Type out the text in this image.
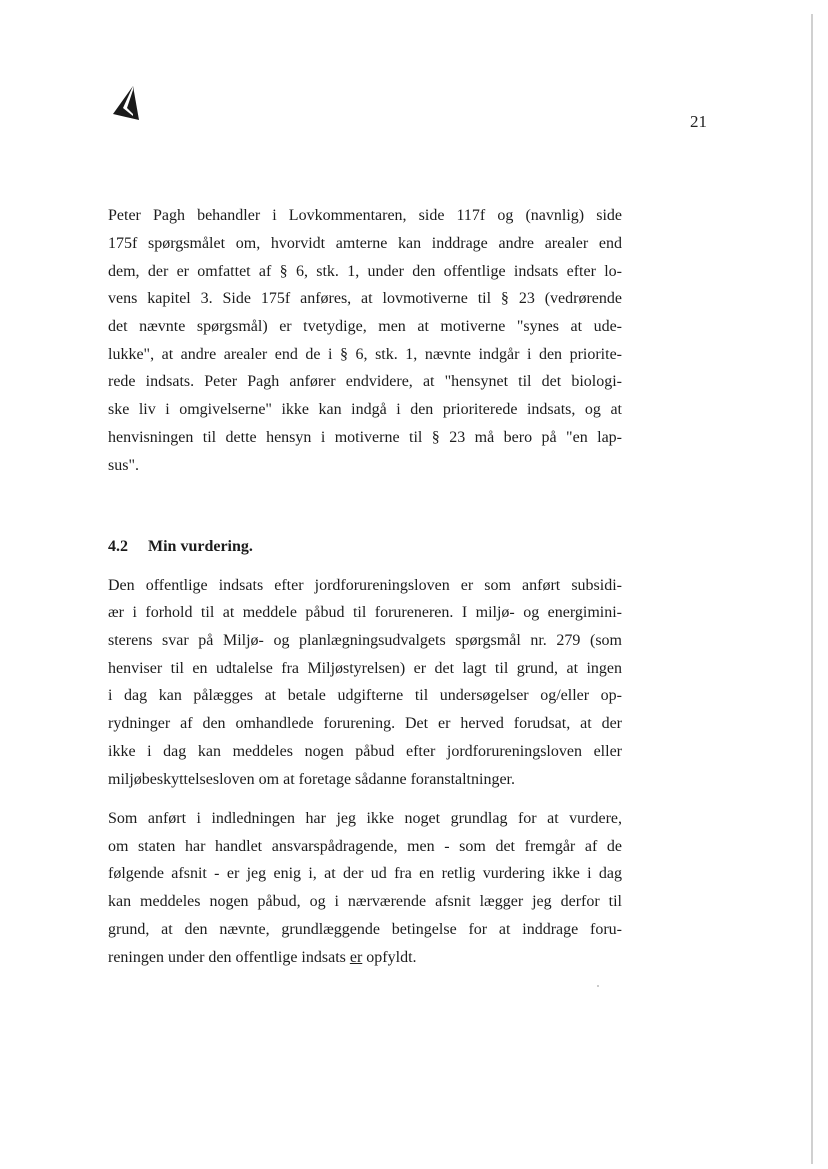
21
Peter Pagh behandler i Lovkommentaren, side 117f og (navnlig) side
175f spørgsmålet om, hvorvidt amterne kan inddrage andre arealer end
dem, der er omfattet af § 6, stk. 1, under den offentlige indsats efter lo-
vens kapitel 3. Side 175f anføres, at lovmotiverne til § 23 (vedrørende
det nævnte spørgsmål) er tvetydige, men at motiverne "synes at ude-
lukke", at andre arealer end de i § 6, stk. 1, nævnte indgår i den priorite-
rede indsats. Peter Pagh anfører endvidere, at "hensynet til det biologi-
ske liv i omgivelserne" ikke kan indgå i den prioriterede indsats, og at
henvisningen til dette hensyn i motiverne til § 23 må bero på "en lap-
sus".
4.2 Min vurdering.
Den offentlige indsats efter jordforureningsloven er som anført subsidi-
ær i forhold til at meddele påbud til forureneren. I miljø- og energimini-
sterens svar på Miljø- og planlægningsudvalgets spørgsmål nr. 279 (som
henviser til en udtalelse fra Miljøstyrelsen) er det lagt til grund, at ingen
i dag kan pålægges at betale udgifterne til undersøgelser og/eller op-
rydninger af den omhandlede forurening. Det er herved forudsat, at der
ikke i dag kan meddeles nogen påbud efter jordforureningsloven eller
miljøbeskyttelsesloven om at foretage sådanne foranstaltninger.
Som anført i indledningen har jeg ikke noget grundlag for at vurdere,
om staten har handlet ansvarspådragende, men - som det fremgår af de
følgende afsnit - er jeg enig i, at der ud fra en retlig vurdering ikke i dag
kan meddeles nogen påbud, og i nærværende afsnit lægger jeg derfor til
grund, at den nævnte, grundlæggende betingelse for at inddrage foru-
reningen under den offentlige indsats er opfyldt.
